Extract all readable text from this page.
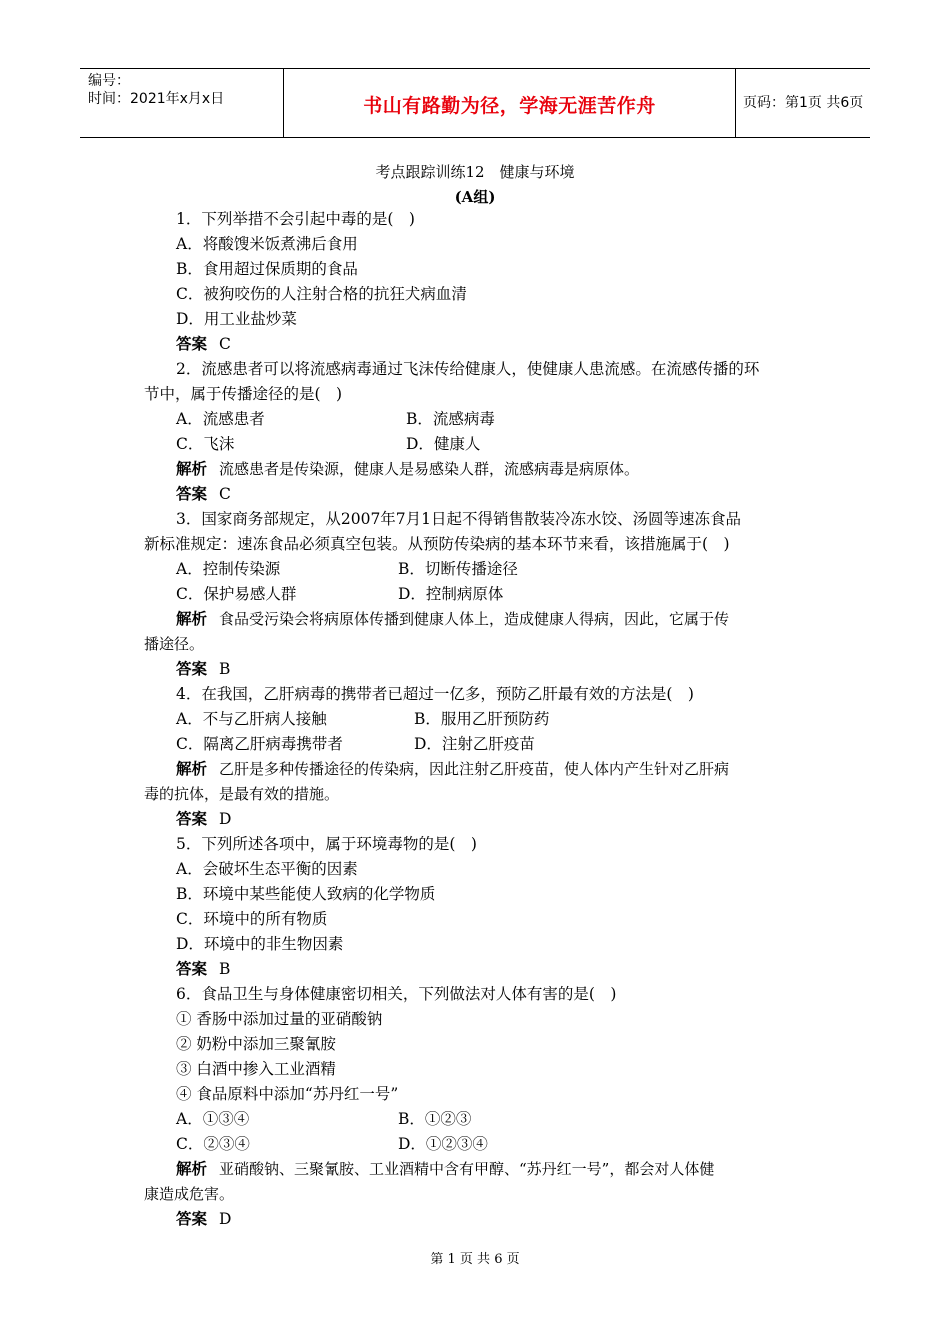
编号：
时间：2021年x月x日	书山有路勤为径，学海无涯苦作舟	页码：第1页 共6页
考点跟踪训练12　健康与环境
(A组)
1．下列举措不会引起中毒的是(　)
A．将酸馊米饭煮沸后食用
B．食用超过保质期的食品
C．被狗咬伤的人注射合格的抗狂犬病血清
D．用工业盐炒菜
答案 C
2．流感患者可以将流感病毒通过飞沫传给健康人，使健康人患流感。在流感传播的环
节中，属于传播途径的是(　)
A．流感患者	B．流感病毒
C．飞沫	D．健康人
解析 流感患者是传染源，健康人是易感染人群，流感病毒是病原体。
答案 C
3．国家商务部规定，从2007年7月1日起不得销售散装冷冻水饺、汤圆等速冻食品
新标准规定：速冻食品必须真空包装。从预防传染病的基本环节来看，该措施属于(　)
A．控制传染源	B．切断传播途径
C．保护易感人群	D．控制病原体
解析 食品受污染会将病原体传播到健康人体上，造成健康人得病，因此，它属于传
播途径。
答案 B
4．在我国，乙肝病毒的携带者已超过一亿多，预防乙肝最有效的方法是(　)
A．不与乙肝病人接触	B．服用乙肝预防药
C．隔离乙肝病毒携带者	D．注射乙肝疫苗
解析 乙肝是多种传播途径的传染病，因此注射乙肝疫苗，使人体内产生针对乙肝病
毒的抗体，是最有效的措施。
答案 D
5．下列所述各项中，属于环境毒物的是(　)
A．会破坏生态平衡的因素
B．环境中某些能使人致病的化学物质
C．环境中的所有物质
D．环境中的非生物因素
答案 B
6．食品卫生与身体健康密切相关，下列做法对人体有害的是(　)
① 香肠中添加过量的亚硝酸钠
② 奶粉中添加三聚氰胺
③ 白酒中掺入工业酒精
④ 食品原料中添加“苏丹红一号”
A．①③④	B．①②③
C．②③④	D．①②③④
解析 亚硝酸钠、三聚氰胺、工业酒精中含有甲醇、“苏丹红一号”，都会对人体健
康造成危害。
答案 D
第 1 页 共 6 页
